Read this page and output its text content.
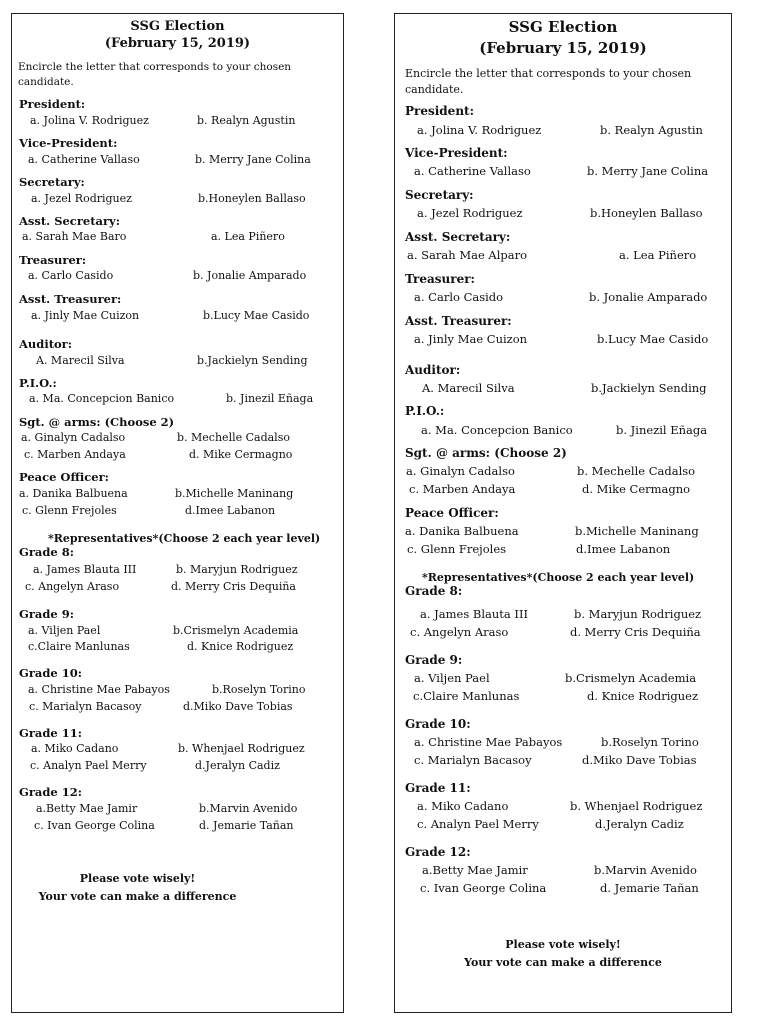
SSG Election
(February 15, 2019)
Encircle the letter that corresponds to your chosen candidate.
President:
a. Jolina V. Rodriguez	b. Realyn Agustin
Vice-President:
a. Catherine Vallaso	b. Merry Jane Colina
Secretary:
a. Jezel Rodriguez	b.Honeylen Ballaso
Asst. Secretary:
a. Sarah Mae Baro	a. Lea Piñero
Treasurer:
a. Carlo Casido	b. Jonalie Amparado
Asst. Treasurer:
a. Jinly Mae Cuizon	b.Lucy Mae Casido
Auditor:
A. Marecil Silva	b.Jackielyn Sending
P.I.O.:
a. Ma. Concepcion Banico	b. Jinezil Eñaga
Sgt. @ arms: (Choose 2)
a. Ginalyn Cadalso	b. Mechelle Cadalso
c. Marben Andaya	d. Mike Cermagno
Peace Officer:
a. Danika Balbuena	b.Michelle Maninang
c. Glenn Frejoles	d.Imee Labanon
Grade 8:
a. James Blauta III	b. Maryjun Rodriguez
c. Angelyn Araso	d. Merry Cris Dequiña
Grade 9:
a. Viljen Pael	b.Crismelyn Academia
c.Claire Manlunas	d. Knice Rodriguez
Grade 10:
a. Christine Mae Pabayos	b.Roselyn Torino
c. Marialyn Bacasoy	d.Miko Dave Tobias
Grade 11:
a. Miko Cadano	b. Whenjael Rodriguez
c. Analyn Pael Merry	d.Jeralyn Cadiz
Grade 12:
a.Betty Mae Jamir	b.Marvin Avenido
c. Ivan George Colina	d. Jemarie Tañan
*Representatives*(Choose 2 each year level)
Please vote wisely!
Your vote can make a difference
SSG Election
(February 15, 2019)
Encircle the letter that corresponds to your chosen candidate.
President:
a. Jolina V. Rodriguez	b. Realyn Agustin
Vice-President:
a. Catherine Vallaso	b. Merry Jane Colina
Secretary:
a. Jezel Rodriguez	b.Honeylen Ballaso
Asst. Secretary:
a. Sarah Mae Alparo	a. Lea Piñero
Treasurer:
a. Carlo Casido	b. Jonalie Amparado
Asst. Treasurer:
a. Jinly Mae Cuizon	b.Lucy Mae Casido
Auditor:
A. Marecil Silva	b.Jackielyn Sending
P.I.O.:
a. Ma. Concepcion Banico	b. Jinezil Eñaga
Sgt. @ arms: (Choose 2)
a. Ginalyn Cadalso	b. Mechelle Cadalso
c. Marben Andaya	d. Mike Cermagno
Peace Officer:
a. Danika Balbuena	b.Michelle Maninang
c. Glenn Frejoles	d.Imee Labanon
Grade 8:
a. James Blauta III	b. Maryjun Rodriguez
c. Angelyn Araso	d. Merry Cris Dequiña
Grade 9:
a. Viljen Pael	b.Crismelyn Academia
c.Claire Manlunas	d. Knice Rodriguez
Grade 10:
a. Christine Mae Pabayos	b.Roselyn Torino
c. Marialyn Bacasoy	d.Miko Dave Tobias
Grade 11:
a. Miko Cadano	b. Whenjael Rodriguez
c. Analyn Pael Merry	d.Jeralyn Cadiz
Grade 12:
a.Betty Mae Jamir	b.Marvin Avenido
c. Ivan George Colina	d. Jemarie Tañan
*Representatives*(Choose 2 each year level)
Please vote wisely!
Your vote can make a difference
